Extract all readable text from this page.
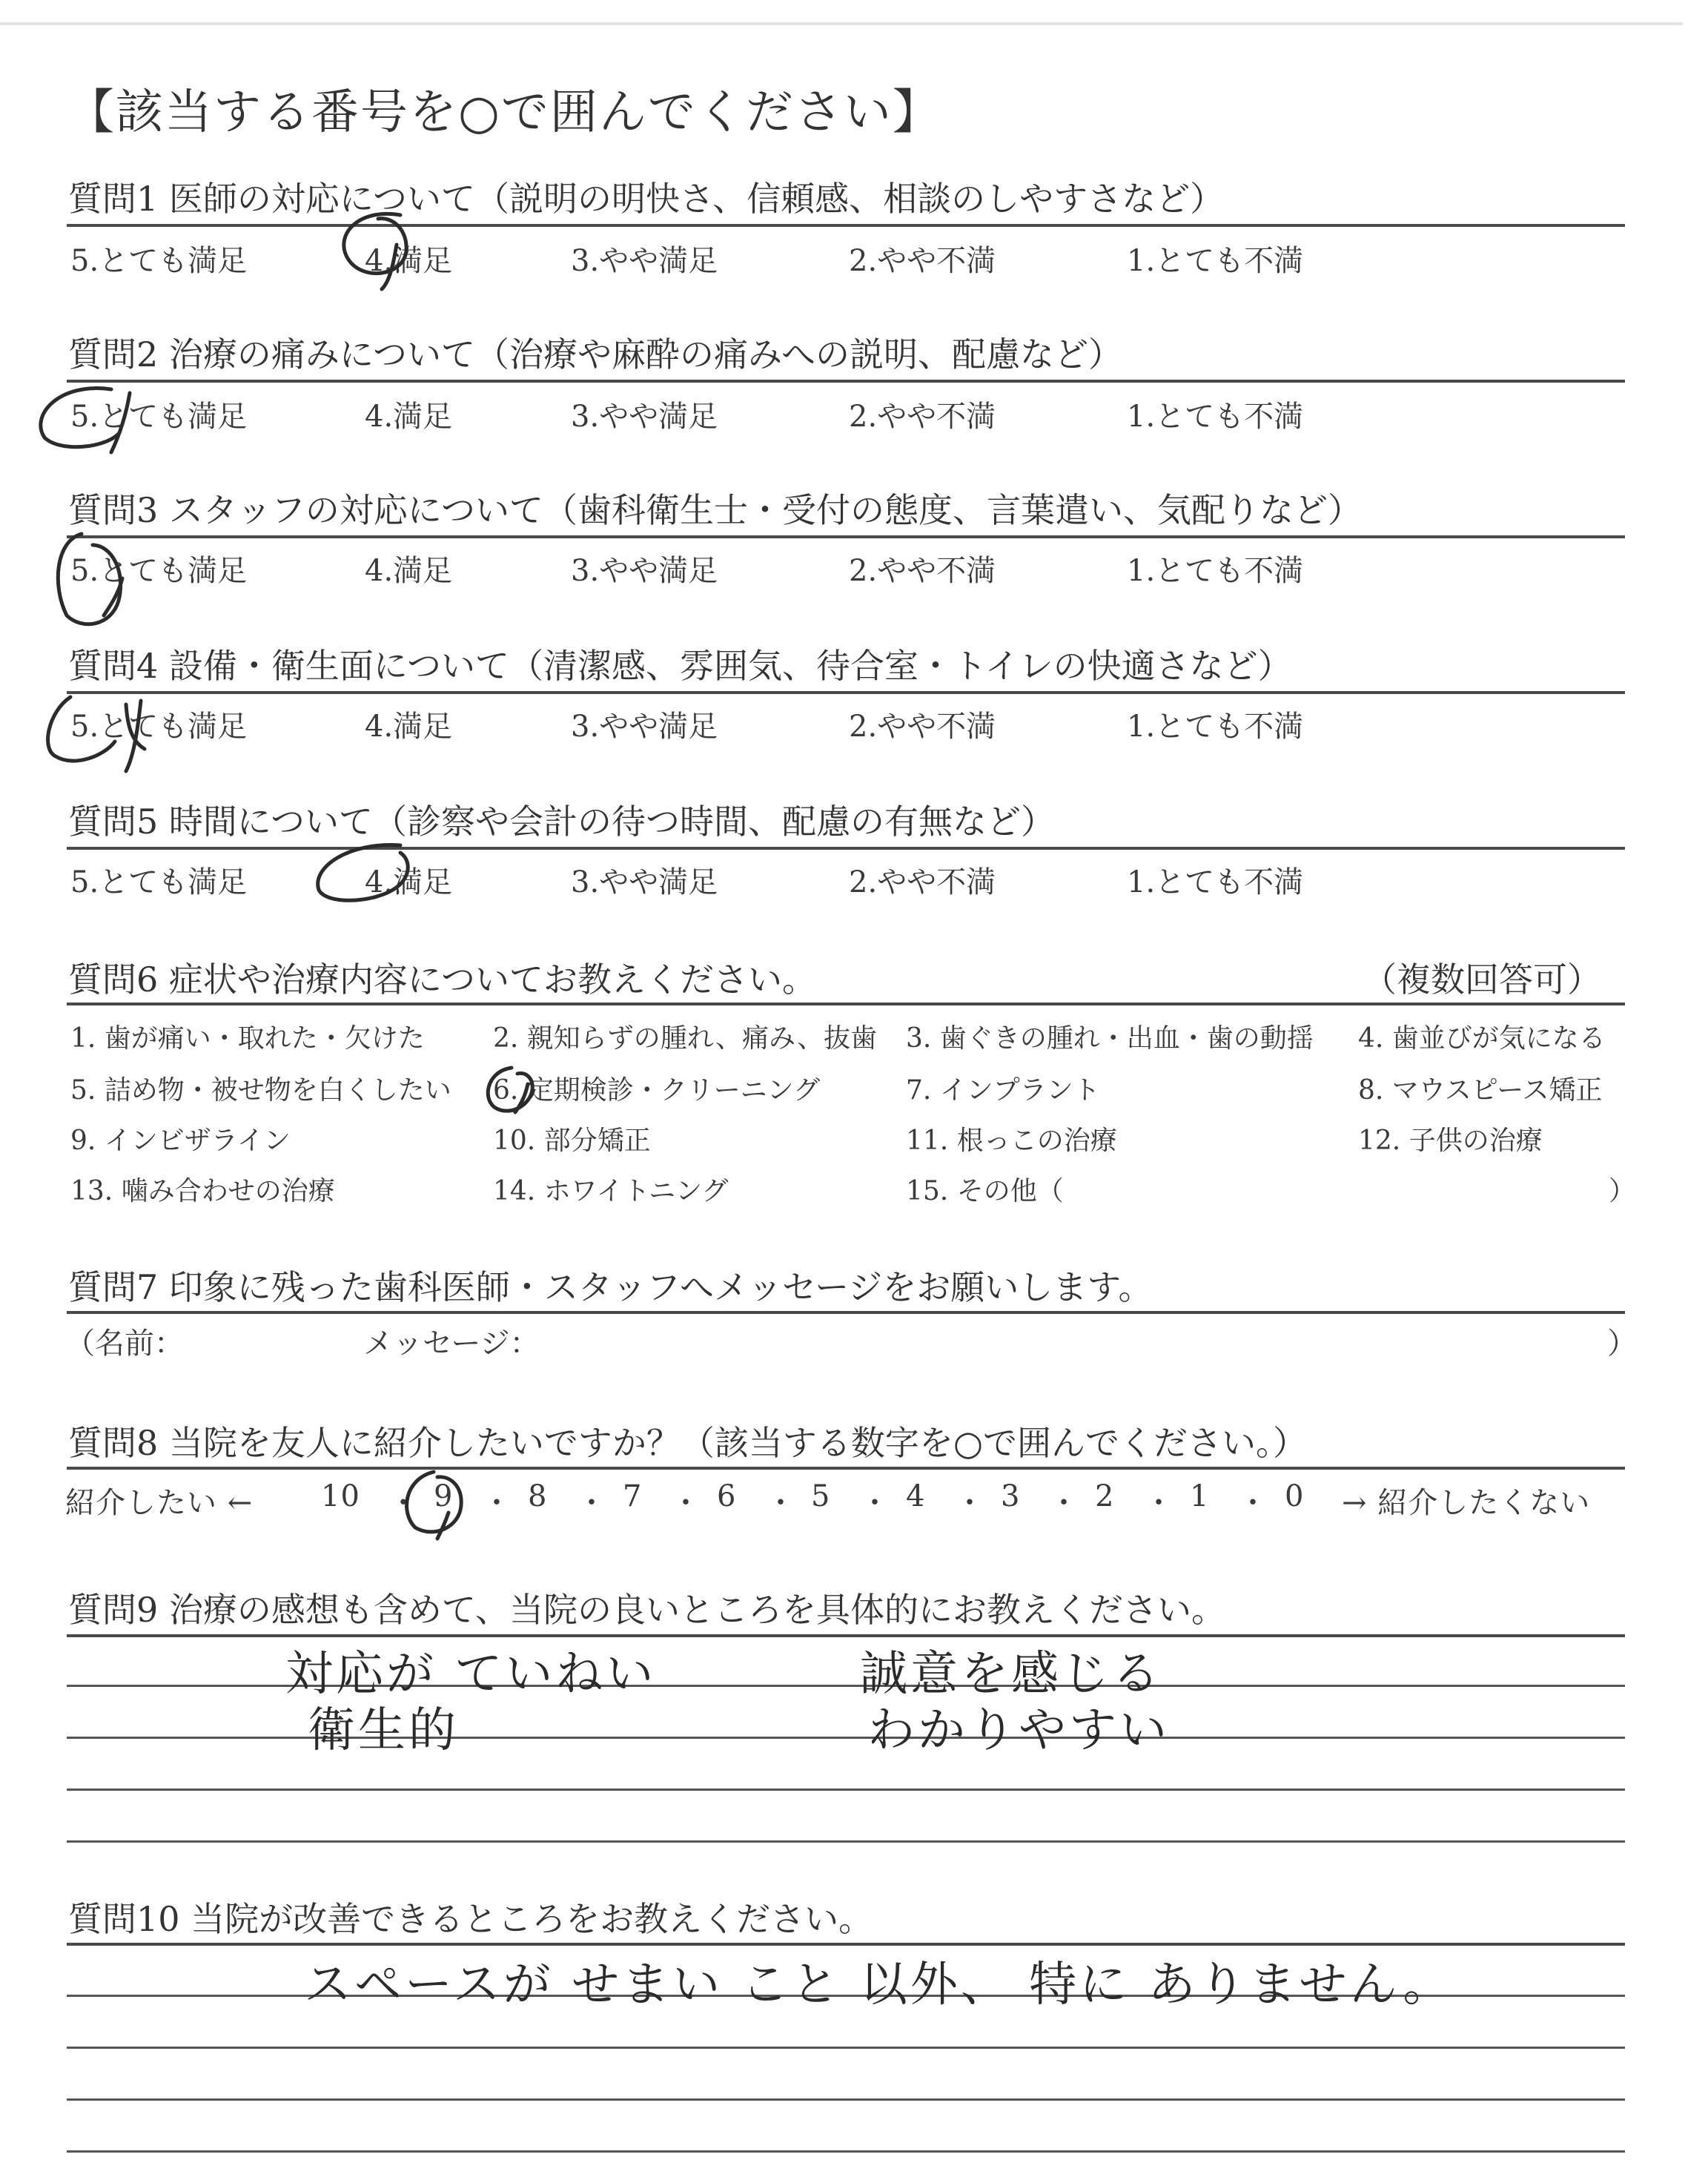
【該当する番号を○で囲んでください】
質問1 医師の対応について（説明の明快さ、信頼感、相談のしやすさなど）
5.とても満足	4.満足	3.やや満足	2.やや不満	1.とても不満
質問2 治療の痛みについて（治療や麻酔の痛みへの説明、配慮など）
5.とても満足	4.満足	3.やや満足	2.やや不満	1.とても不満
質問3 スタッフの対応について（歯科衛生士・受付の態度、言葉遣い、気配りなど）
5.とても満足	4.満足	3.やや満足	2.やや不満	1.とても不満
質問4 設備・衛生面について（清潔感、雰囲気、待合室・トイレの快適さなど）
5.とても満足	4.満足	3.やや満足	2.やや不満	1.とても不満
質問5 時間について（診察や会計の待つ時間、配慮の有無など）
5.とても満足	4.満足	3.やや満足	2.やや不満	1.とても不満
質問6 症状や治療内容についてお教えください。	（複数回答可）
1. 歯が痛い・取れた・欠けた	2. 親知らずの腫れ、痛み、抜歯 3. 歯ぐきの腫れ・出血・歯の動揺 4. 歯並びが気になる
5. 詰め物・被せ物を白くしたい 6. 定期検診・クリーニング	7. インプラント	8. マウスピース矯正
9. インビザライン	10. 部分矯正	11. 根っこの治療	12. 子供の治療
13. 噛み合わせの治療	14. ホワイトニング	15. その他（	）
質問7 印象に残った歯科医師・スタッフへメッセージをお願いします。
（名前：	メッセージ：	）
質問8 当院を友人に紹介したいですか？（該当する数字を○で囲んでください。）
紹介したい ← 10 9	8	7	6	5	4	3	2	1	0 → 紹介したくない
・ ・ ・ ・ ・ ・ ・ ・ ・ ・
質問9 治療の感想も含めて、当院の良いところを具体的にお教えください。
対応が ていねい	誠意を感じる
衛生的	わかりやすい
質問10 当院が改善できるところをお教えください。
スペースが せまい こと 以外、 特に ありません。
